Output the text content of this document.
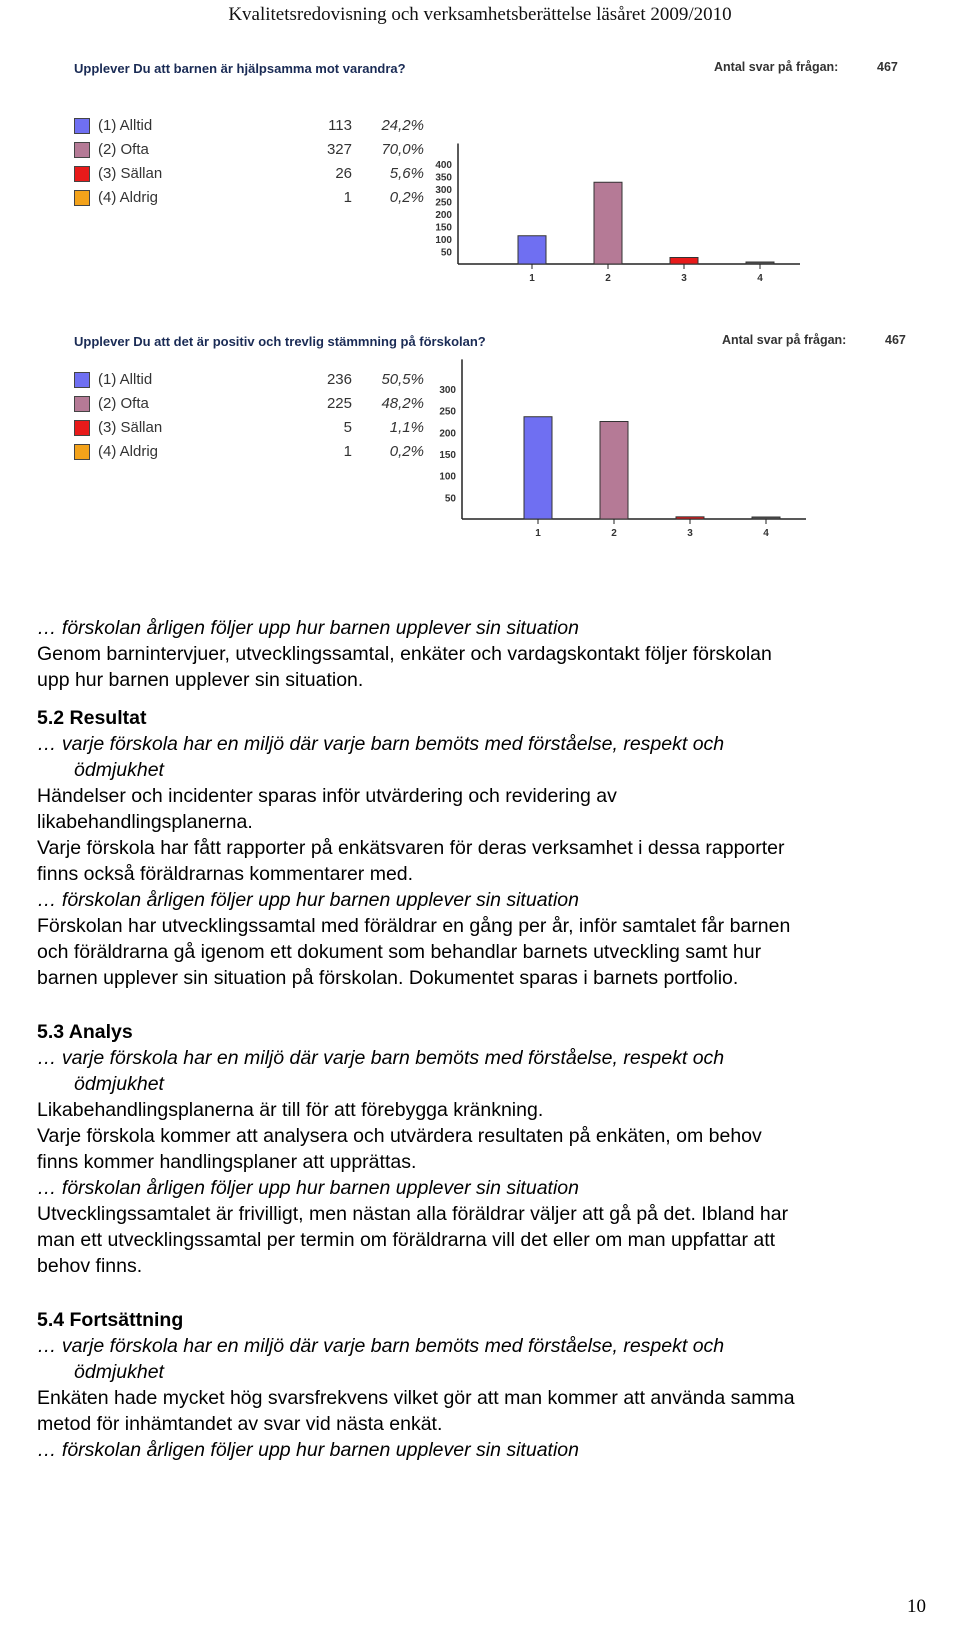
Kvalitetsredovisning och verksamhetsberättelse läsåret 2009/2010
Upplever Du att barnen är hjälpsamma mot varandra?	Antal svar på frågan:	467
(1) Alltid	113	24,2%
(2) Ofta	327	70,0%
(3) Sällan	26	5,6%
(4) Aldrig	1	0,2%
50
100
150
200
250
300
350
400
1	2	3	4
Upplever Du att det är positiv och trevlig stämmning på förskolan?	Antal svar på frågan:	467
(1) Alltid	236	50,5%
(2) Ofta	225	48,2%
(3) Sällan	5	1,1%
(4) Aldrig	1	0,2%
50
100
150
200
250
300
1	2	3	4

… förskolan årligen följer upp hur barnen upplever sin situation

Genom barnintervjuer, utvecklingssamtal, enkäter och vardagskontakt följer förskolan

upp hur barnen upplever sin situation.

5.2 Resultat

… varje förskola har en miljö där varje barn bemöts med förståelse, respekt och

ödmjukhet

Händelser och incidenter sparas inför utvärdering och revidering av

likabehandlingsplanerna.

Varje förskola har fått rapporter på enkätsvaren för deras verksamhet i dessa rapporter

finns också föräldrarnas kommentarer med.

… förskolan årligen följer upp hur barnen upplever sin situation

Förskolan har utvecklingssamtal med föräldrar en gång per år, inför samtalet får barnen

och föräldrarna gå igenom ett dokument som behandlar barnets utveckling samt hur

barnen upplever sin situation på förskolan. Dokumentet sparas i barnets portfolio.

5.3 Analys

… varje förskola har en miljö där varje barn bemöts med förståelse, respekt och

ödmjukhet

Likabehandlingsplanerna är till för att förebygga kränkning.

Varje förskola kommer att analysera och utvärdera resultaten på enkäten, om behov

finns kommer handlingsplaner att upprättas.

… förskolan årligen följer upp hur barnen upplever sin situation

Utvecklingssamtalet är frivilligt, men nästan alla föräldrar väljer att gå på det. Ibland har

man ett utvecklingssamtal per termin om föräldrarna vill det eller om man uppfattar att

behov finns.

5.4 Fortsättning

… varje förskola har en miljö där varje barn bemöts med förståelse, respekt och

ödmjukhet

Enkäten hade mycket hög svarsfrekvens vilket gör att man kommer att använda samma

metod för inhämtandet av svar vid nästa enkät.

… förskolan årligen följer upp hur barnen upplever sin situation

10
